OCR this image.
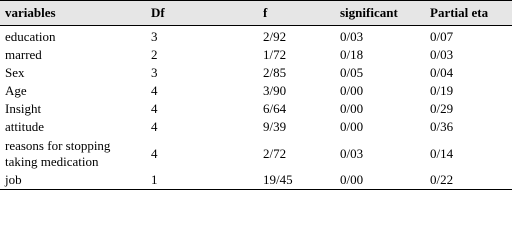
variables	Df	f	significant	Partial eta
education	3	2/92	0/03	0/07
marred	2	1/72	0/18	0/03
Sex	3	2/85	0/05	0/04
Age	4	3/90	0/00	0/19
Insight	4	6/64	0/00	0/29
attitude	4	9/39	0/00	0/36
reasons for stopping taking medication	4	2/72	0/03	0/14
job	1	19/45	0/00	0/22
